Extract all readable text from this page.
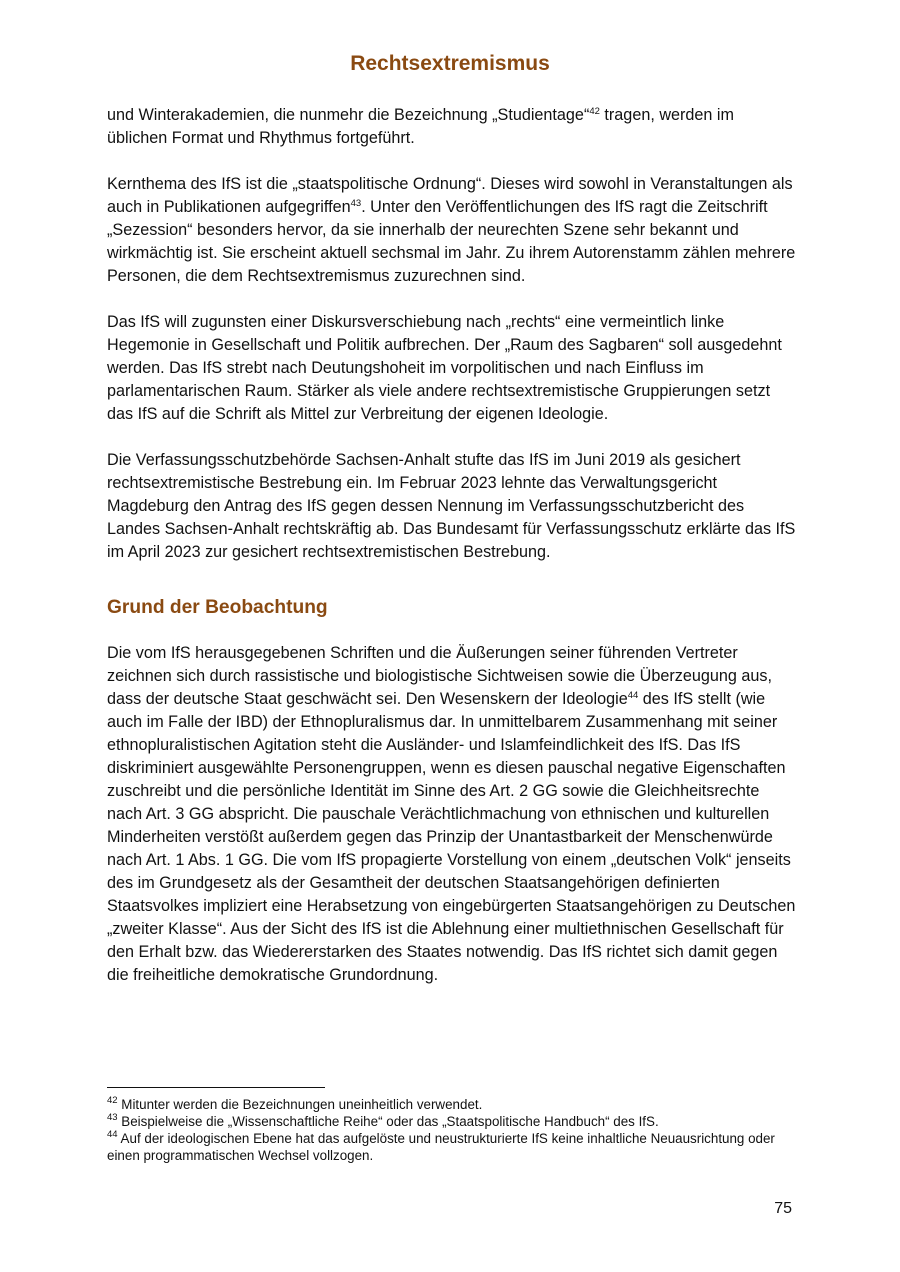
Rechtsextremismus

und Winterakademien, die nunmehr die Bezeichnung „Studientage“$^{42}$ tragen, werden im üblichen Format und Rhythmus fortgeführt.

Kernthema des IfS ist die „staatspolitische Ordnung“. Dieses wird sowohl in Veranstaltungen als auch in Publikationen aufgegriffen$^{43}$. Unter den Veröffentlichungen des IfS ragt die Zeitschrift „Sezession“ besonders hervor, da sie innerhalb der neurechten Szene sehr bekannt und wirkmächtig ist. Sie erscheint aktuell sechsmal im Jahr. Zu ihrem Autorenstamm zählen mehrere Personen, die dem Rechtsextremismus zuzurechnen sind.

Das IfS will zugunsten einer Diskursverschiebung nach „rechts“ eine vermeintlich linke Hegemonie in Gesellschaft und Politik aufbrechen. Der „Raum des Sagbaren“ soll ausgedehnt werden. Das IfS strebt nach Deutungshoheit im vorpolitischen und nach Einfluss im parlamentarischen Raum. Stärker als viele andere rechtsextremistische Gruppierungen setzt das IfS auf die Schrift als Mittel zur Verbreitung der eigenen Ideologie.

Die Verfassungsschutzbehörde Sachsen-Anhalt stufte das IfS im Juni 2019 als gesichert rechtsextremistische Bestrebung ein. Im Februar 2023 lehnte das Verwaltungsgericht Magdeburg den Antrag des IfS gegen dessen Nennung im Verfassungsschutzbericht des Landes Sachsen-Anhalt rechtskräftig ab. Das Bundesamt für Verfassungsschutz erklärte das IfS im April 2023 zur gesichert rechtsextremistischen Bestrebung.

Grund der Beobachtung

Die vom IfS herausgegebenen Schriften und die Äußerungen seiner führenden Vertreter zeichnen sich durch rassistische und biologistische Sichtweisen sowie die Überzeugung aus, dass der deutsche Staat geschwächt sei. Den Wesenskern der Ideologie$^{44}$ des IfS stellt (wie auch im Falle der IBD) der Ethnopluralismus dar. In unmittelbarem Zusammenhang mit seiner ethnopluralistischen Agitation steht die Ausländer- und Islamfeindlichkeit des IfS. Das IfS diskriminiert ausgewählte Personengruppen, wenn es diesen pauschal negative Eigenschaften zuschreibt und die persönliche Identität im Sinne des Art. 2 GG sowie die Gleichheitsrechte nach Art. 3 GG abspricht. Die pauschale Verächtlichmachung von ethnischen und kulturellen Minderheiten verstößt außerdem gegen das Prinzip der Unantastbarkeit der Menschenwürde nach Art. 1 Abs. 1 GG. Die vom IfS propagierte Vorstellung von einem „deutschen Volk“ jenseits des im Grundgesetz als der Gesamtheit der deutschen Staatsangehörigen definierten Staatsvolkes impliziert eine Herabsetzung von eingebürgerten Staatsangehörigen zu Deutschen „zweiter Klasse“. Aus der Sicht des IfS ist die Ablehnung einer multiethnischen Gesellschaft für den Erhalt bzw. das Wiedererstarken des Staates notwendig. Das IfS richtet sich damit gegen die freiheitliche demokratische Grundordnung.

$^{42}$ Mitunter werden die Bezeichnungen uneinheitlich verwendet.

$^{43}$ Beispielweise die „Wissenschaftliche Reihe“ oder das „Staatspolitische Handbuch“ des IfS.

$^{44}$ Auf der ideologischen Ebene hat das aufgelöste und neustrukturierte IfS keine inhaltliche Neuausrichtung oder einen programmatischen Wechsel vollzogen.

75
